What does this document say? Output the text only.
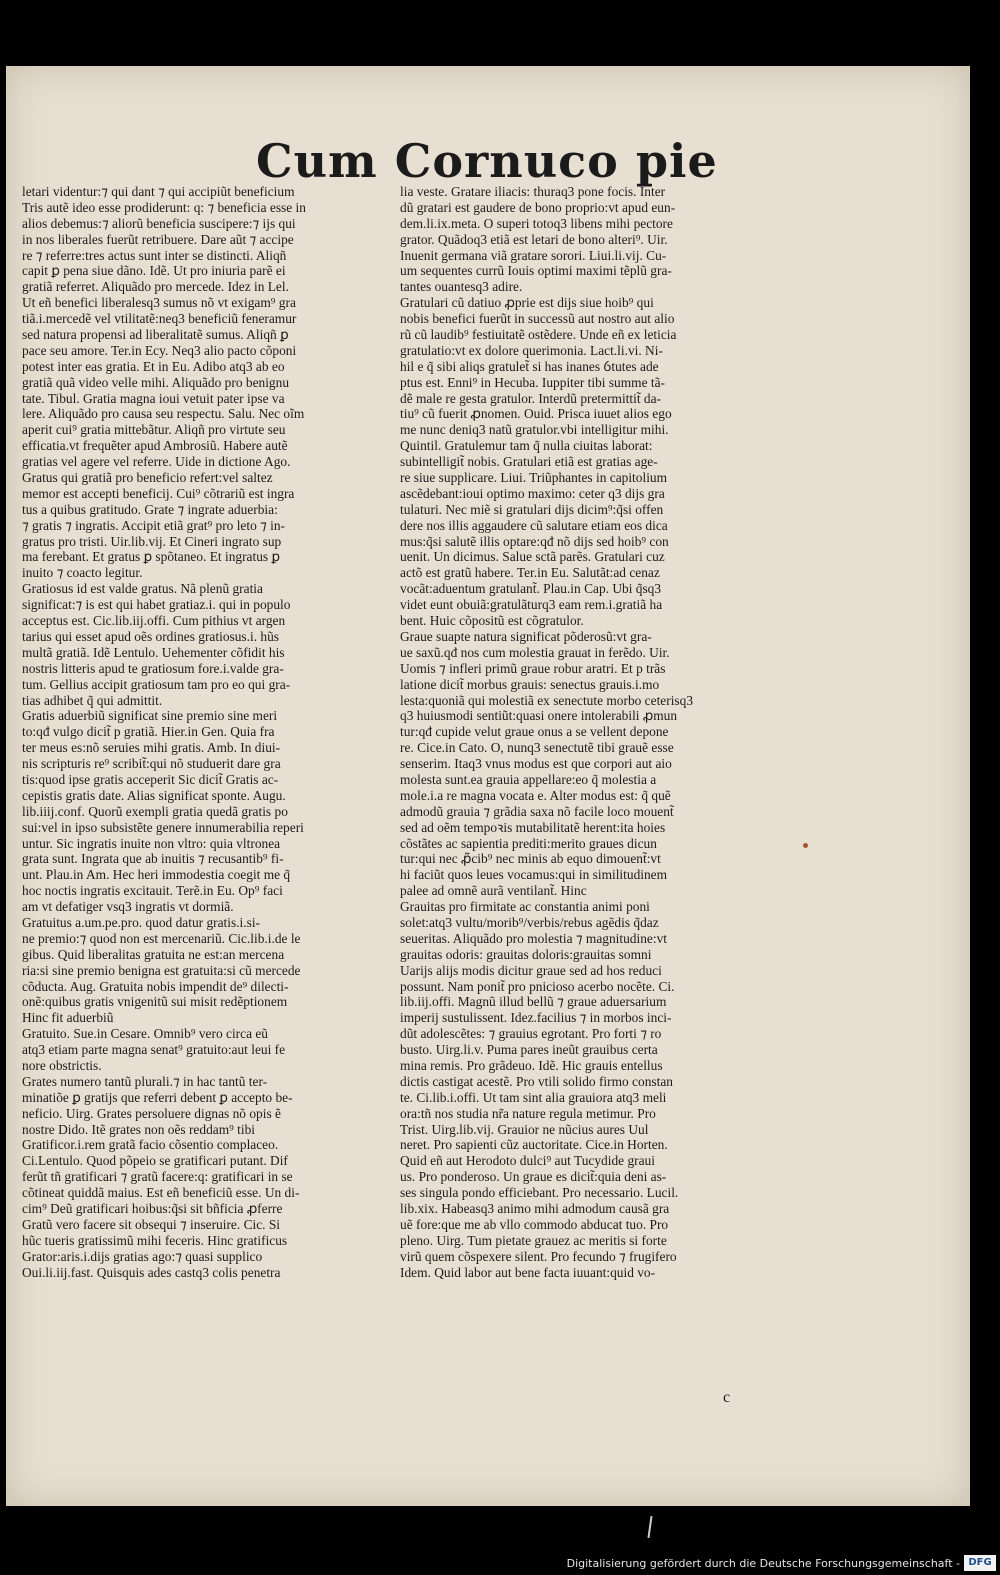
Cum Cornuco pie
letari videntur:⁊ qui dant ⁊ qui accipiũt beneficium
Tris autẽ ideo esse prodiderunt: q: ⁊ beneficia esse in
alios debemus:⁊ aliorũ beneficia suscipere:⁊ ijs qui
in nos liberales fuerũt retribuere. Dare aũt ⁊ accipe
re ⁊ referre:tres actus sunt inter se distincti. Aliqñ
capit ꝑ pena siue dãno. Idẽ. Ut pro iniuria parẽ ei
gratiã referret. Aliquãdo pro mercede. Idez in Lel.
Ut eñ benefici liberalesq3 sumus nõ vt exigam⁹ gra
tiã.i.mercedẽ vel vtilitatẽ:neq3 beneficiũ feneramur
sed natura propensi ad liberalitatẽ sumus. Aliqñ ꝑ
pace seu amore. Ter.in Ecy. Neq3 alio pacto cõponi
potest inter eas gratia. Et in Eu. Adibo atq3 ab eo
gratiã quã video velle mihi. Aliquãdo pro benignu
tate. Tibul. Gratia magna ioui vetuit pater ipse va
lere. Aliquãdo pro causa seu respectu. Salu. Nec oĩm
aperit cui⁹ gratia mittebãtur. Aliqñ pro virtute seu
efficatia.vt frequẽter apud Ambrosiũ. Habere autẽ
gratias vel agere vel referre. Uide in dictione Ago.
Gratus qui gratiã pro beneficio refert:vel saltez
memor est accepti beneficij. Cui⁹ cõtrariũ est ingra
tus a quibus gratitudo. Grate ⁊ ingrate aduerbia:
⁊ gratis ⁊ ingratis. Accipit etiã grat⁹ pro leto ⁊ in-
gratus pro tristi. Uir.lib.vij. Et Cineri ingrato sup
ma ferebant. Et gratus ꝑ spõtaneo. Et ingratus ꝑ
inuito ⁊ coacto legitur.
Gratiosus id est valde gratus. Nã plenũ gratia
significat:⁊ is est qui habet gratiaz.i. qui in populo
acceptus est. Cic.lib.iij.offi. Cum pithius vt argen
tarius qui esset apud oẽs ordines gratiosus.i. hũs
multã gratiã. Idẽ Lentulo. Uehementer cõfidit his
nostris litteris apud te gratiosum fore.i.valde gra-
tum. Gellius accipit gratiosum tam pro eo qui gra-
tias adhibet q̃ qui admittit.
Gratis aduerbiũ significat sine premio sine meri
to:qđ vulgo dicit̃ p gratiã. Hier.in Gen. Quia fra
ter meus es:nõ seruies mihi gratis. Amb. In diui-
nis scripturis re⁹ scribit̃:qui nõ studuerit dare gra
tis:quod ipse gratis acceperit Sic dicit̃ Gratis ac-
cepistis gratis date. Alias significat sponte. Augu.
lib.iiij.conf. Quorũ exempli gratia quedã gratis po
sui:vel in ipso subsistẽte genere innumerabilia reperi
untur. Sic ingratis inuite non vltro: quia vltronea
grata sunt. Ingrata que ab inuitis ⁊ recusantib⁹ fi-
unt. Plau.in Am. Hec heri immodestia coegit me q̃
hoc noctis ingratis excitauit. Terẽ.in Eu. Op⁹ faci
am vt defatiger vsq3 ingratis vt dormiã.
Gratuitus a.um.pe.pro. quod datur gratis.i.si-
ne premio:⁊ quod non est mercenariũ. Cic.lib.i.de le
gibus. Quid liberalitas gratuita ne est:an mercena
ria:si sine premio benigna est gratuita:si cũ mercede
cõducta. Aug. Gratuita nobis impendit de⁹ dilecti-
onẽ:quibus gratis vnigenitũ sui misit redẽptionem
Hinc fit aduerbiũ
Gratuito. Sue.in Cesare. Omnib⁹ vero circa eũ
atq3 etiam parte magna senat⁹ gratuito:aut leui fe
nore obstrictis.
Grates numero tantũ plurali.⁊ in hac tantũ ter-
minatiõe ꝑ gratijs que referri debent ꝑ accepto be-
neficio. Uirg. Grates persoluere dignas nõ opis ẽ
nostre Dido. Itẽ grates non oẽs reddam⁹ tibi
Gratificor.i.rem gratã facio cõsentio complaceo.
Ci.Lentulo. Quod põpeio se gratificari putant. Dif
ferũt tñ gratificari ⁊ gratũ facere:q: gratificari in se
cõtineat quiddã maius. Est eñ beneficiũ esse. Un di-
cim⁹ Deũ gratificari hoibus:q̃si sit bñficia ꝓferre
Gratũ vero facere sit obsequi ⁊ inseruire. Cic. Si
hũc tueris gratissimũ mihi feceris. Hinc gratificus
Grator:aris.i.dijs gratias ago:⁊ quasi supplico
Oui.li.iij.fast. Quisquis ades castq3 colis penetra
lia veste. Gratare iliacis: thuraq3 pone focis. Inter
dũ gratari est gaudere de bono proprio:vt apud eun-
dem.li.ix.meta. O superi totoq3 libens mihi pectore
grator. Quãdoq3 etiã est letari de bono alteri⁹. Uir.
Inuenit germana viã gratare sorori. Liui.li.vij. Cu-
um sequentes currũ Iouis optimi maximi tẽplũ gra-
tantes ouantesq3 adire.
Gratulari cũ datiuo ꝓprie est dijs siue hoib⁹ qui
nobis benefici fuerũt in successũ aut nostro aut alio
rũ cũ laudib⁹ festiuitatẽ ostẽdere. Unde eñ ex leticia
gratulatio:vt ex dolore querimonia. Lact.li.vi. Ni-
hil e q̃ sibi aliqs gratulet̃ si has inanes ỽtutes ade
ptus est. Enni⁹ in Hecuba. Iuppiter tibi summe tã-
dẽ male re gesta gratulor. Interdũ pretermittit̃ da-
tiu⁹ cũ fuerit ꝓnomen. Ouid. Prisca iuuet alios ego
me nunc deniq3 natũ gratulor.vbi intelligitur mihi.
Quintil. Gratulemur tam q̃ nulla ciuitas laborat:
subintelligit̃ nobis. Gratulari etiã est gratias age-
re siue supplicare. Liui. Triũphantes in capitolium
ascẽdebant:ioui optimo maximo: ceter q3 dijs gra
tulaturi. Nec miẽ si gratulari dijs dicim⁹:q̃si offen
dere nos illis aggaudere cũ salutare etiam eos dica
mus:q̃si salutẽ illis optare:qđ nõ dijs sed hoib⁹ con
uenit. Un dicimus. Salue sctã parẽs. Gratulari cuz
actõ est gratũ habere. Ter.in Eu. Salutãt:ad cenaz
vocãt:aduentum gratulant̃. Plau.in Cap. Ubi q̃sq3
videt eunt obuiã:gratulãturq3 eam rem.i.gratiã ha
bent. Huic cõpositũ est cõgratulor.
Graue suapte natura significat põderosũ:vt gra-
ue saxũ.qđ nos cum molestia grauat in ferẽdo. Uir.
Uomis ⁊ infleri primũ graue robur aratri. Et p trãs
latione dicit̃ morbus grauis: senectus grauis.i.mo
lesta:quoniã qui molestiã ex senectute morbo ceterisq3
q3 huiusmodi sentiũt:quasi onere intolerabili ꝓmun
tur:qđ cupide velut graue onus a se vellent depone
re. Cice.in Cato. O, nunq3 senectutẽ tibi grauẽ esse
senserim. Itaq3 vnus modus est que corpori aut aio
molesta sunt.ea grauia appellare:eo q̃ molestia a
mole.i.a re magna vocata e. Alter modus est: q̃ quẽ
admodũ grauia ⁊ grãdia saxa nõ facile loco mouent̃
sed ad oẽm tempoꝛis mutabilitatẽ herent:ita hoies
cõstãtes ac sapientia prediti:merito graues dicun
tur:qui nec ꝓ̃cib⁹ nec minis ab equo dimouent̃:vt
hi faciũt quos leues vocamus:qui in similitudinem
palee ad omnẽ aurã ventilant̃. Hinc
Grauitas pro firmitate ac constantia animi poni
solet:atq3 vultu/morib⁹/verbis/rebus agẽdis q̃daz
seueritas. Aliquãdo pro molestia ⁊ magnitudine:vt
grauitas odoris: grauitas doloris:grauitas somni
Uarijs alijs modis dicitur graue sed ad hos reduci
possunt. Nam ponit̃ pro pnicioso acerbo nocẽte. Ci.
lib.iij.offi. Magnũ illud bellũ ⁊ graue aduersarium
imperij sustulissent. Idez.facilius ⁊ in morbos inci-
dũt adolescẽtes: ⁊ grauius egrotant. Pro forti ⁊ ro
busto. Uirg.li.v. Puma pares ineũt grauibus certa
mina remis. Pro grãdeuo. Idẽ. Hic grauis entellus
dictis castigat acestẽ. Pro vtili solido firmo constan
te. Ci.lib.i.offi. Ut tam sint alia grauiora atq3 meli
ora:tñ nos studia nr̃a nature regula metimur. Pro
Trist. Uirg.lib.vij. Grauior ne nũcius aures Uul
neret. Pro sapienti cũz auctoritate. Cice.in Horten.
Quid eñ aut Herodoto dulci⁹ aut Tucydide graui
us. Pro ponderoso. Un graue es dicit̃:quia deni as-
ses singula pondo efficiebant. Pro necessario. Lucil.
lib.xix. Habeasq3 animo mihi admodum causã gra
uẽ fore:que me ab vllo commodo abducat tuo. Pro
pleno. Uirg. Tum pietate grauez ac meritis si forte
virũ quem cõspexere silent. Pro fecundo ⁊ frugifero
Idem. Quid labor aut bene facta iuuant:quid vo-
c
Digitalisierung gefördert durch die Deutsche Forschungsgemeinschaft - DFG
